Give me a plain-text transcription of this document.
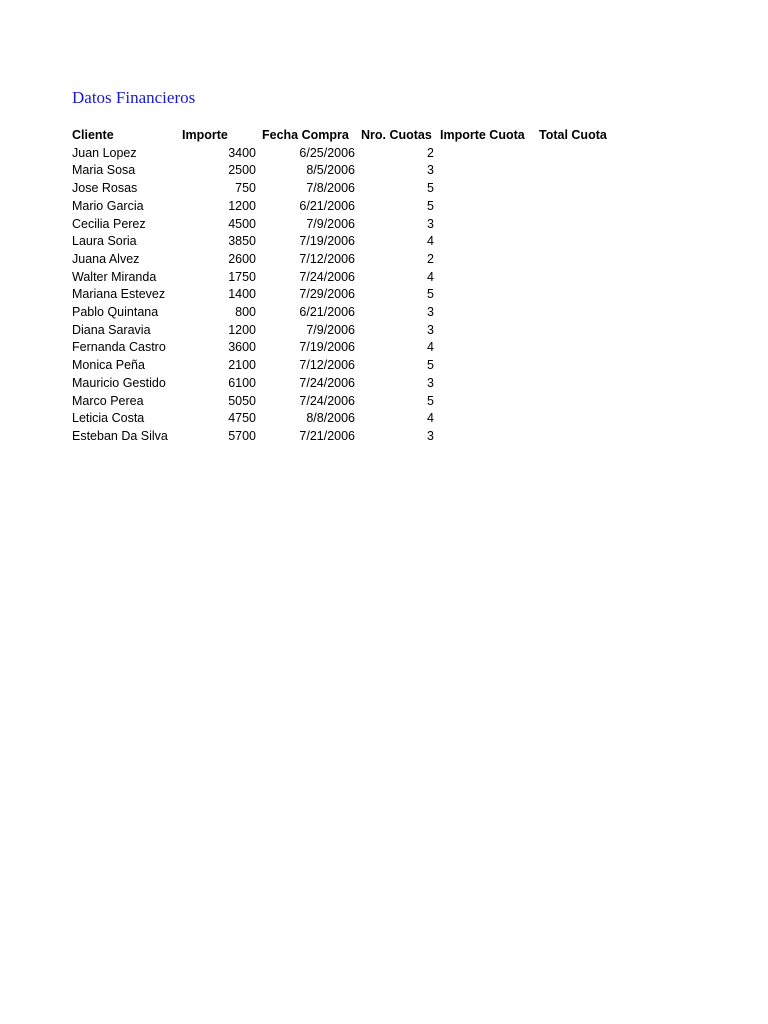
Datos Financieros
Cliente	Importe	Fecha Compra	Nro. Cuotas	Importe Cuota	Total Cuota
Juan Lopez	3400	6/25/2006	2		
Maria Sosa	2500	8/5/2006	3		
Jose Rosas	750	7/8/2006	5		
Mario Garcia	1200	6/21/2006	5		
Cecilia Perez	4500	7/9/2006	3		
Laura Soria	3850	7/19/2006	4		
Juana Alvez	2600	7/12/2006	2		
Walter Miranda	1750	7/24/2006	4		
Mariana Estevez	1400	7/29/2006	5		
Pablo Quintana	800	6/21/2006	3		
Diana Saravia	1200	7/9/2006	3		
Fernanda Castro	3600	7/19/2006	4		
Monica Peña	2100	7/12/2006	5		
Mauricio Gestido	6100	7/24/2006	3		
Marco Perea	5050	7/24/2006	5		
Leticia Costa	4750	8/8/2006	4		
Esteban Da Silva	5700	7/21/2006	3		
